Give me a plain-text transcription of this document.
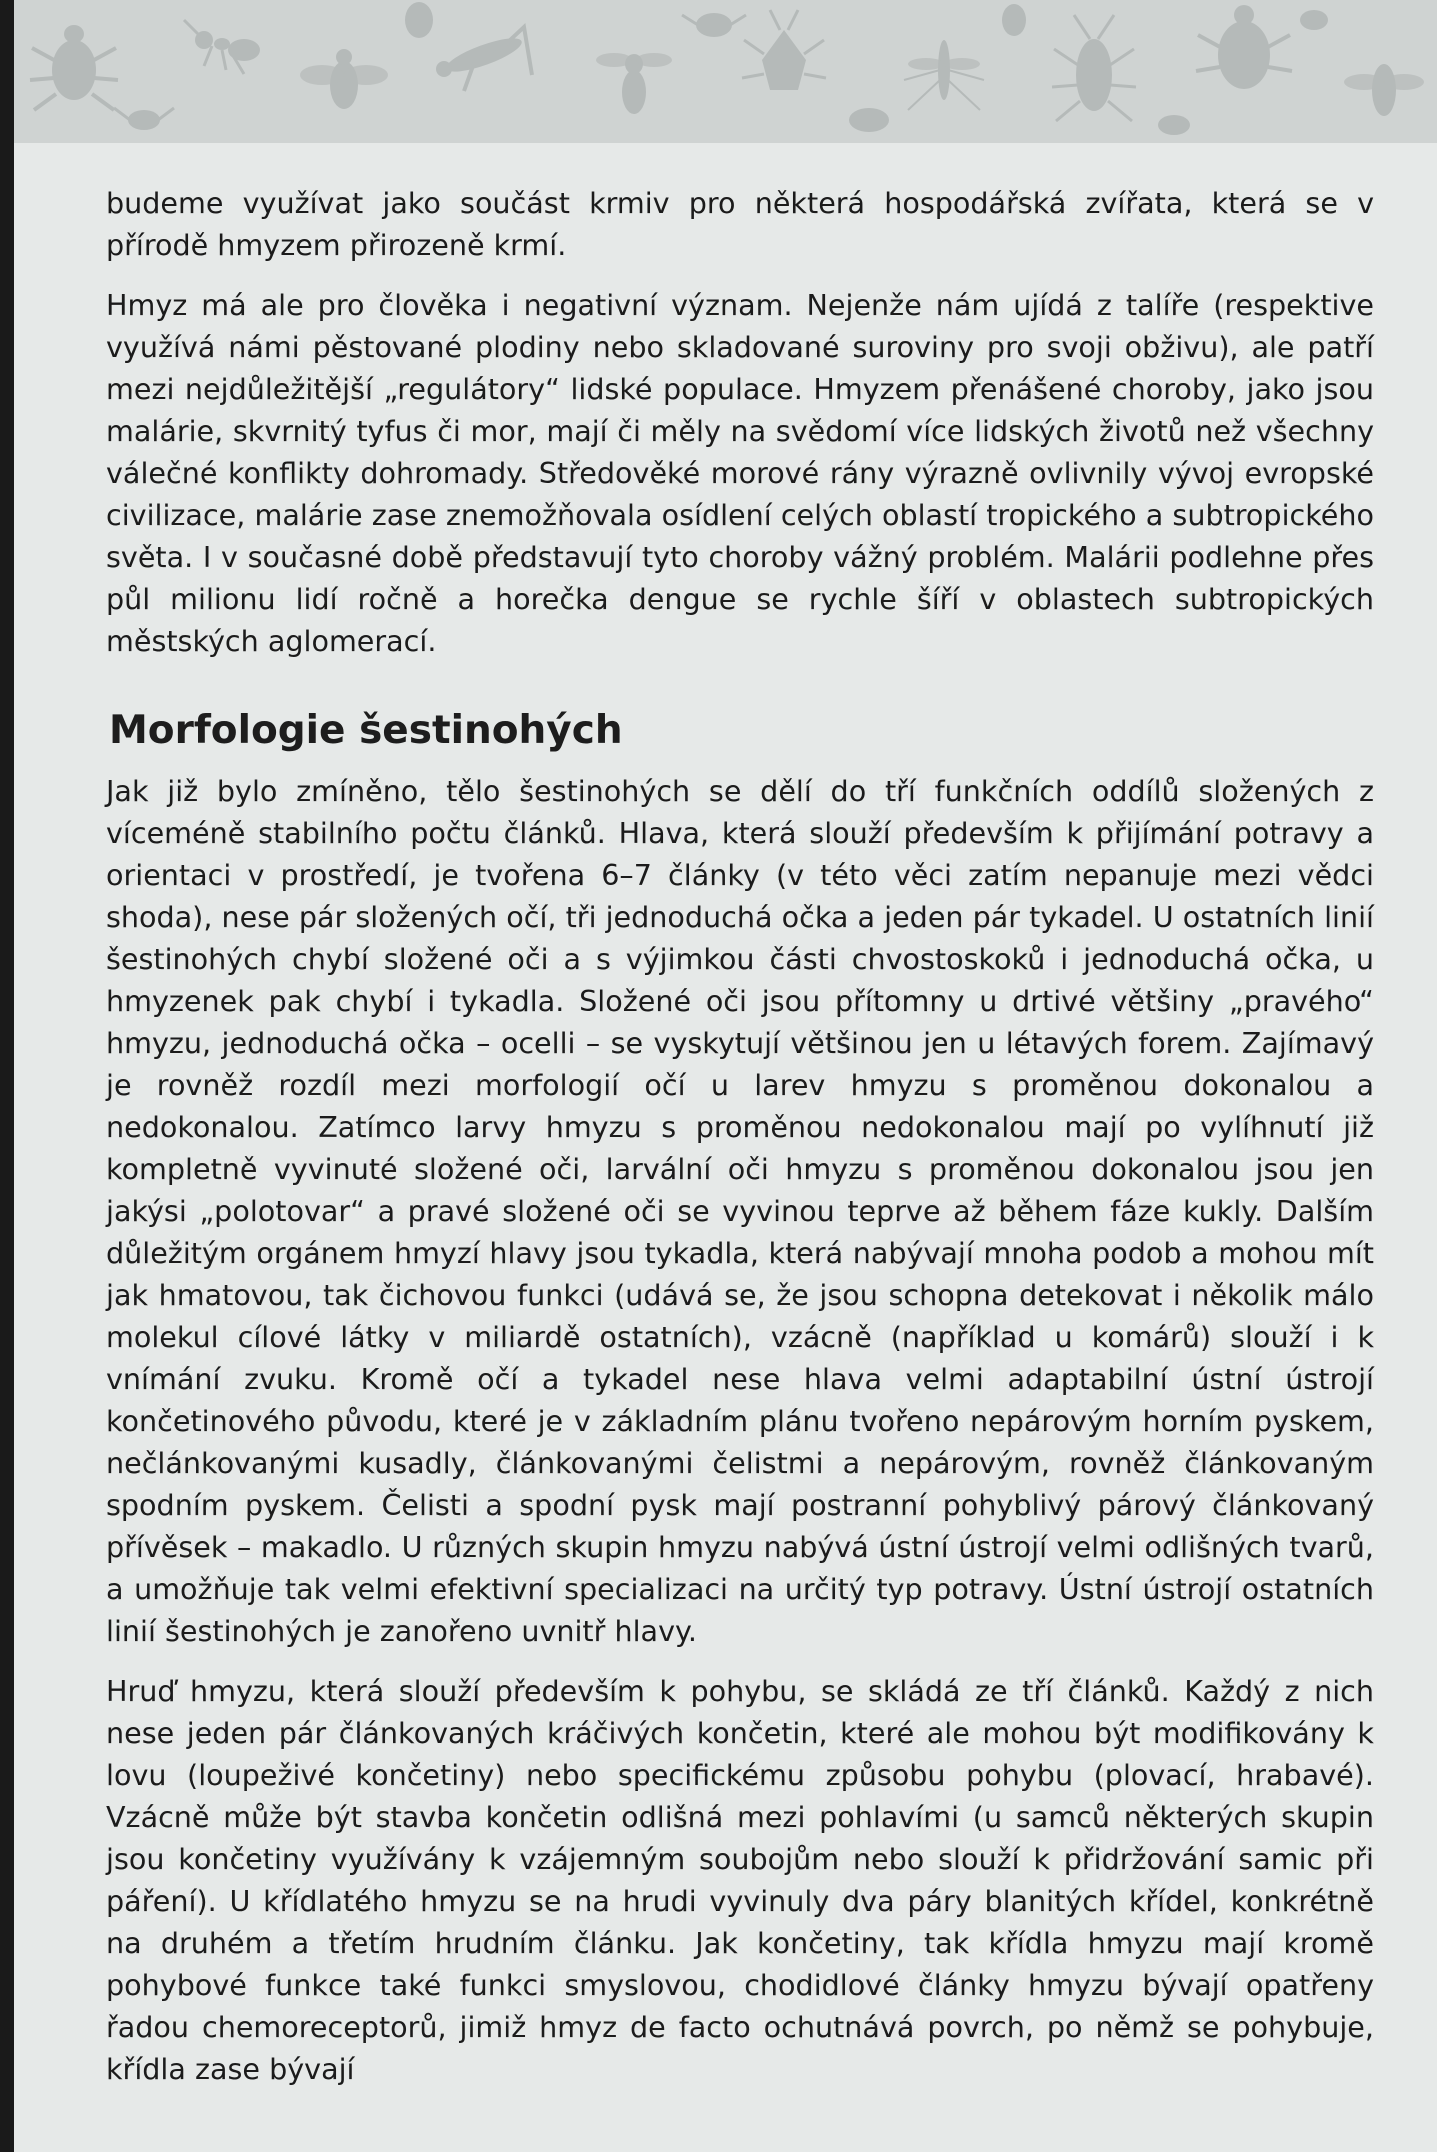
budeme využívat jako součást krmiv pro některá hospodářská zvířata, která se v přírodě hmyzem přirozeně krmí.

Hmyz má ale pro člověka i negativní význam. Nejenže nám ujídá z talíře (respektive využívá námi pěstované plodiny nebo skladované suroviny pro svoji obživu), ale patří mezi nejdůležitější „regulátory“ lidské populace. Hmyzem přenášené choroby, jako jsou malárie, skvrnitý tyfus či mor, mají či měly na svědomí více lidských životů než všechny válečné konflikty dohromady. Středověké morové rány výrazně ovlivnily vývoj evropské civilizace, malárie zase znemožňovala osídlení celých oblastí tropického a subtropického světa. I v současné době představují tyto choroby vážný problém. Malárii podlehne přes půl milionu lidí ročně a horečka dengue se rychle šíří v oblastech subtropických městských aglomerací.

Morfologie šestinohých

Jak již bylo zmíněno, tělo šestinohých se dělí do tří funkčních oddílů složených z víceméně stabilního počtu článků. Hlava, která slouží především k přijímání potravy a orientaci v prostředí, je tvořena 6–7 články (v této věci zatím nepanuje mezi vědci shoda), nese pár složených očí, tři jednoduchá očka a jeden pár tykadel. U ostatních linií šestinohých chybí složené oči a s výjimkou části chvostoskoků i jednoduchá očka, u hmyzenek pak chybí i tykadla. Složené oči jsou přítomny u drtivé většiny „pravého“ hmyzu, jednoduchá očka – ocelli – se vyskytují většinou jen u létavých forem. Zajímavý je rovněž rozdíl mezi morfologií očí u larev hmyzu s proměnou dokonalou a nedokonalou. Zatímco larvy hmyzu s proměnou nedokonalou mají po vylíhnutí již kompletně vyvinuté složené oči, larvální oči hmyzu s proměnou dokonalou jsou jen jakýsi „polotovar“ a pravé složené oči se vyvinou teprve až během fáze kukly. Dalším důležitým orgánem hmyzí hlavy jsou tykadla, která nabývají mnoha podob a mohou mít jak hmatovou, tak čichovou funkci (udává se, že jsou schopna detekovat i několik málo molekul cílové látky v miliardě ostatních), vzácně (například u komárů) slouží i k vnímání zvuku. Kromě očí a tykadel nese hlava velmi adaptabilní ústní ústrojí končetinového původu, které je v základním plánu tvořeno nepárovým horním pyskem, nečlánkovanými kusadly, článkovanými čelistmi a nepárovým, rovněž článkovaným spodním pyskem. Čelisti a spodní pysk mají postranní pohyblivý párový článkovaný přívěsek – makadlo. U různých skupin hmyzu nabývá ústní ústrojí velmi odlišných tvarů, a umožňuje tak velmi efektivní specializaci na určitý typ potravy. Ústní ústrojí ostatních linií šestinohých je zanořeno uvnitř hlavy.

Hruď hmyzu, která slouží především k pohybu, se skládá ze tří článků. Každý z nich nese jeden pár článkovaných kráčivých končetin, které ale mohou být modifikovány k lovu (loupeživé končetiny) nebo specifickému způsobu pohybu (plovací, hrabavé). Vzácně může být stavba končetin odlišná mezi pohlavími (u samců některých skupin jsou končetiny využívány k vzájemným soubojům nebo slouží k přidržování samic při páření). U křídlatého hmyzu se na hrudi vyvinuly dva páry blanitých křídel, konkrétně na druhém a třetím hrudním článku. Jak končetiny, tak křídla hmyzu mají kromě pohybové funkce také funkci smyslovou, chodidlové články hmyzu bývají opatřeny řadou chemoreceptorů, jimiž hmyz de facto ochutnává povrch, po němž se pohybuje, křídla zase bývají
